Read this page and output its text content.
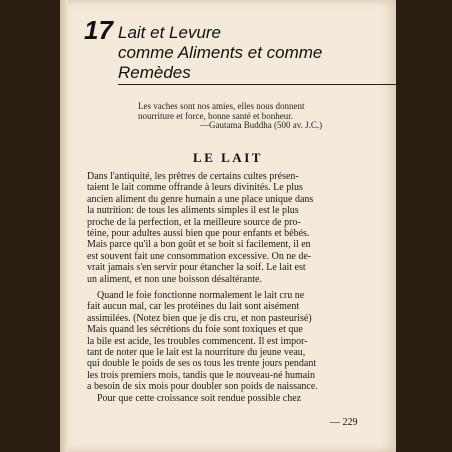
17 Lait et Levure
comme Aliments et comme
Remèdes
Les vaches sont nos amies, elles nous donnent
nourriture et force, bonne santé et bonheur.
—Gautama Buddha (500 av. J.C.)
LE LAIT
Dans l'antiquité, les prêtres de certains cultes présen-
taient le lait comme offrande à leurs divinités. Le plus
ancien aliment du genre humain a une place unique dans
la nutrition: de tous les aliments simples il est le plus
proche de la perfection, et la meilleure source de pro-
téine, pour adultes aussi bien que pour enfants et bébés.
Mais parce qu'il a bon goût et se boit si facilement, il en
est souvent fait une consommation excessive. On ne de-
vrait jamais s'en servir pour étancher la soif. Le lait est
un aliment, et non une boisson désaltérante.
Quand le foie fonctionne normalement le lait cru ne
fait aucun mal, car les protéines du lait sont aisément
assimilées. (Notez bien que je dis cru, et non pasteurisé)
Mais quand les sécrétions du foie sont toxiques et que
la bile est acide, les troubles commencent. Il est impor-
tant de noter que le lait est la nourriture du jeune veau,
qui double le poids de ses os tous les trente jours pendant
les trois premiers mois, tandis que le nouveau-né humain
a besoin de six mois pour doubler son poids de naissance.
Pour que cette croissance soit rendue possible chez
— 229
